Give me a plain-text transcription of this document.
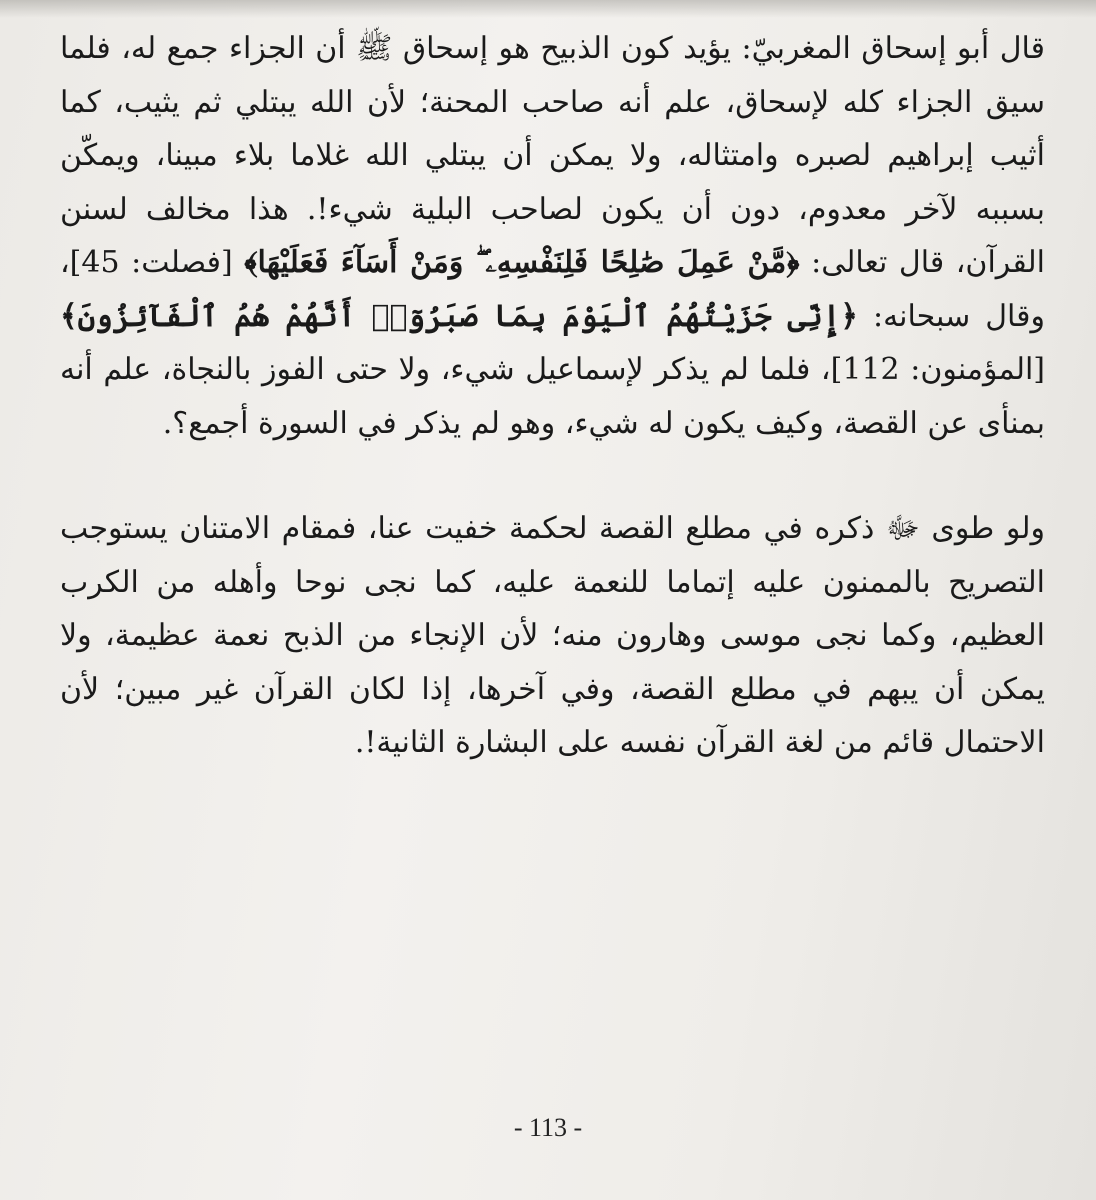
قال أبو إسحاق المغربيّ: يؤيد كون الذبيح هو إسحاق ﷺ أن الجزاء جمع له، فلما سيق الجزاء كله لإسحاق، علم أنه صاحب المحنة؛ لأن الله يبتلي ثم يثيب، كما أثيب إبراهيم لصبره وامتثاله، ولا يمكن أن يبتلي الله غلاما بلاء مبينا، ويمكّن بسببه لآخر معدوم، دون أن يكون لصاحب البلية شيء!. هذا مخالف لسنن القرآن، قال تعالى: ﴿مَّنْ عَمِلَ صَٰلِحًا فَلِنَفْسِهِۦ ۖ وَمَنْ أَسَآءَ فَعَلَيْهَا﴾ [فصلت: 45]، وقال سبحانه: ﴿إِنِّى جَزَيْتُهُمُ ٱلْيَوْمَ بِمَا صَبَرُوٓا۟ أَنَّهُمْ هُمُ ٱلْفَآئِزُونَ﴾ [المؤمنون: 112]، فلما لم يذكر لإسماعيل شيء، ولا حتى الفوز بالنجاة، علم أنه بمنأى عن القصة، وكيف يكون له شيء، وهو لم يذكر في السورة أجمع؟.

ولو طوى ﷻ ذكره في مطلع القصة لحكمة خفيت عنا، فمقام الامتنان يستوجب التصريح بالممنون عليه إتماما للنعمة عليه، كما نجى نوحا وأهله من الكرب العظيم، وكما نجى موسى وهارون منه؛ لأن الإنجاء من الذبح نعمة عظيمة، ولا يمكن أن يبهم في مطلع القصة، وفي آخرها، إذا لكان القرآن غير مبين؛ لأن الاحتمال قائم من لغة القرآن نفسه على البشارة الثانية!.

- 113 -
